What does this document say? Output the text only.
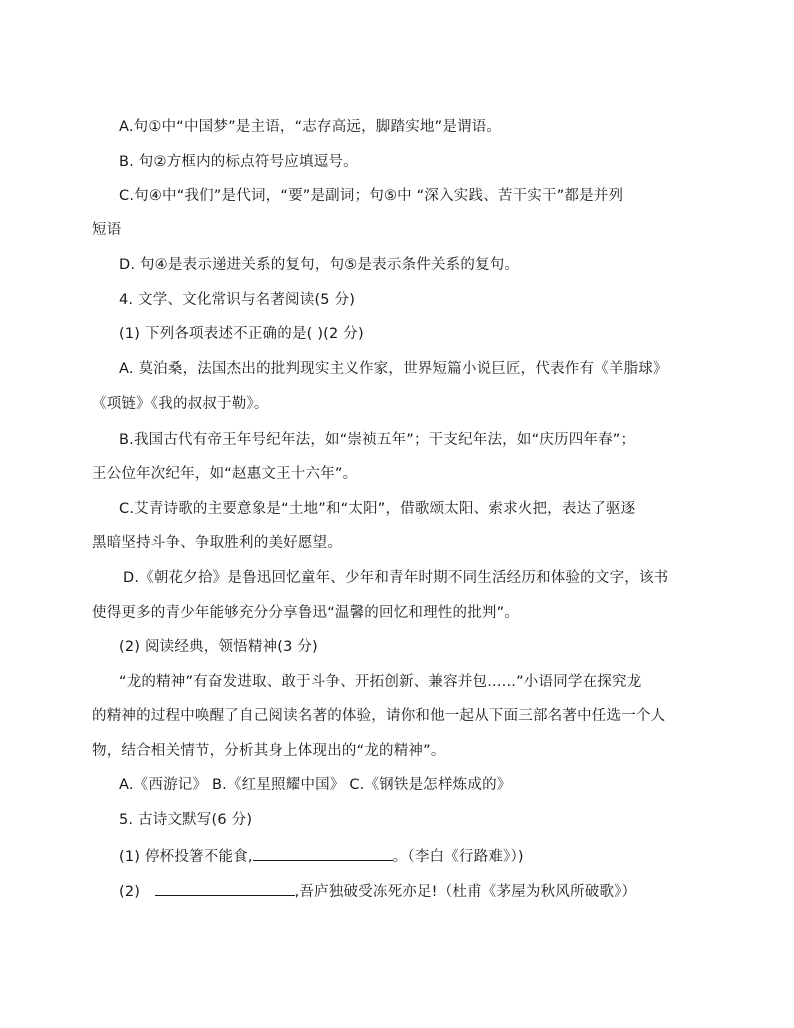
A.句①中“中国梦”是主语，“志存高远，脚踏实地”是谓语。
B. 句②方框内的标点符号应填逗号。
C.句④中“我们”是代词，“要”是副词；句⑤中 “深入实践、苦干实干”都是并列
短语
D. 句④是表示递进关系的复句，句⑤是表示条件关系的复句。
4. 文学、文化常识与名著阅读(5 分)
(1) 下列各项表述不正确的是( )(2 分)
A. 莫泊桑，法国杰出的批判现实主义作家，世界短篇小说巨匠，代表作有《羊脂球》
《项链》《我的叔叔于勒》。
B.我国古代有帝王年号纪年法，如“崇祯五年”；干支纪年法，如“庆历四年春”；
王公位年次纪年，如“赵惠文王十六年”。
C.艾青诗歌的主要意象是“土地”和“太阳”，借歌颂太阳、索求火把，表达了驱逐
黑暗坚持斗争、争取胜利的美好愿望。
D.《朝花夕拾》是鲁迅回忆童年、少年和青年时期不同生活经历和体验的文字，该书
使得更多的青少年能够充分分享鲁迅“温馨的回忆和理性的批判”。
(2) 阅读经典，领悟精神(3 分)
“龙的精神”有奋发进取、敢于斗争、开拓创新、兼容并包......”小语同学在探究龙
的精神的过程中唤醒了自己阅读名著的体验，请你和他一起从下面三部名著中任选一个人
物，结合相关情节，分析其身上体现出的“龙的精神”。
A.《西游记》 B.《红星照耀中国》 C.《钢铁是怎样炼成的》
5. 古诗文默写(6 分)
(1) 停杯投箸不能食,	。（李白《行路难》）)
(2)	,吾庐独破受冻死亦足!（杜甫《茅屋为秋风所破歌》）
